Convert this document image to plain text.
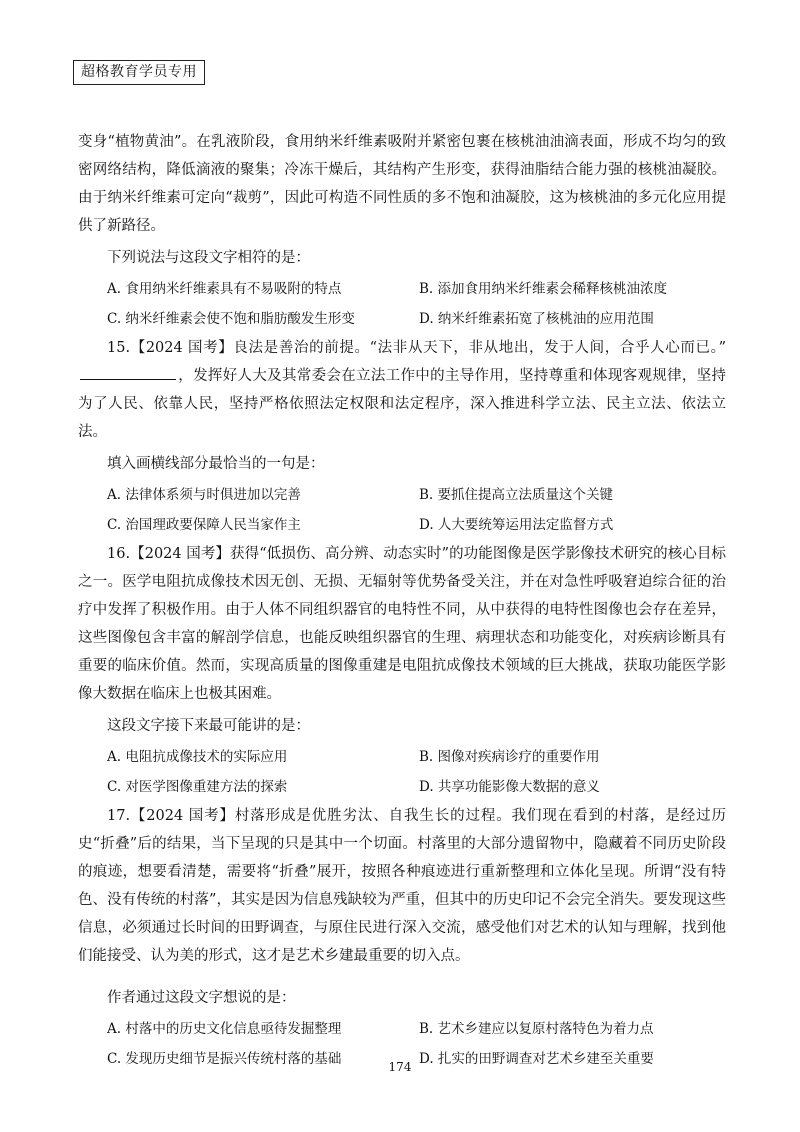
超格教育学员专用

变身“植物黄油”。在乳液阶段，食用纳米纤维素吸附并紧密包裹在核桃油油滴表面，形成不均匀的致密网络结构，降低滴液的聚集；冷冻干燥后，其结构产生形变，获得油脂结合能力强的核桃油凝胶。由于纳米纤维素可定向“裁剪”，因此可构造不同性质的多不饱和油凝胶，这为核桃油的多元化应用提供了新路径。

下列说法与这段文字相符的是：

A. 食用纳米纤维素具有不易吸附的特点	B. 添加食用纳米纤维素会稀释核桃油浓度
C. 纳米纤维素会使不饱和脂肪酸发生形变	D. 纳米纤维素拓宽了核桃油的应用范围

15.【2024 国考】良法是善治的前提。“法非从天下，非从地出，发于人间，合乎人心而已。”，发挥好人大及其常委会在立法工作中的主导作用，坚持尊重和体现客观规律，坚持为了人民、依靠人民，坚持严格依照法定权限和法定程序，深入推进科学立法、民主立法、依法立法。

填入画横线部分最恰当的一句是：

A. 法律体系须与时俱进加以完善	B. 要抓住提高立法质量这个关键
C. 治国理政要保障人民当家作主	D. 人大要统筹运用法定监督方式

16.【2024 国考】获得“低损伤、高分辨、动态实时”的功能图像是医学影像技术研究的核心目标之一。医学电阻抗成像技术因无创、无损、无辐射等优势备受关注，并在对急性呼吸窘迫综合征的治疗中发挥了积极作用。由于人体不同组织器官的电特性不同，从中获得的电特性图像也会存在差异，这些图像包含丰富的解剖学信息，也能反映组织器官的生理、病理状态和功能变化，对疾病诊断具有重要的临床价值。然而，实现高质量的图像重建是电阻抗成像技术领域的巨大挑战，获取功能医学影像大数据在临床上也极其困难。

这段文字接下来最可能讲的是：

A. 电阻抗成像技术的实际应用	B. 图像对疾病诊疗的重要作用
C. 对医学图像重建方法的探索	D. 共享功能影像大数据的意义

17.【2024 国考】村落形成是优胜劣汰、自我生长的过程。我们现在看到的村落，是经过历史“折叠”后的结果，当下呈现的只是其中一个切面。村落里的大部分遗留物中，隐藏着不同历史阶段的痕迹，想要看清楚，需要将“折叠”展开，按照各种痕迹进行重新整理和立体化呈现。所谓“没有特色、没有传统的村落”，其实是因为信息残缺较为严重，但其中的历史印记不会完全消失。要发现这些信息，必须通过长时间的田野调查，与原住民进行深入交流，感受他们对艺术的认知与理解，找到他们能接受、认为美的形式，这才是艺术乡建最重要的切入点。

作者通过这段文字想说的是：

A. 村落中的历史文化信息亟待发掘整理	B. 艺术乡建应以复原村落特色为着力点
C. 发现历史细节是振兴传统村落的基础	D. 扎实的田野调查对艺术乡建至关重要
174
